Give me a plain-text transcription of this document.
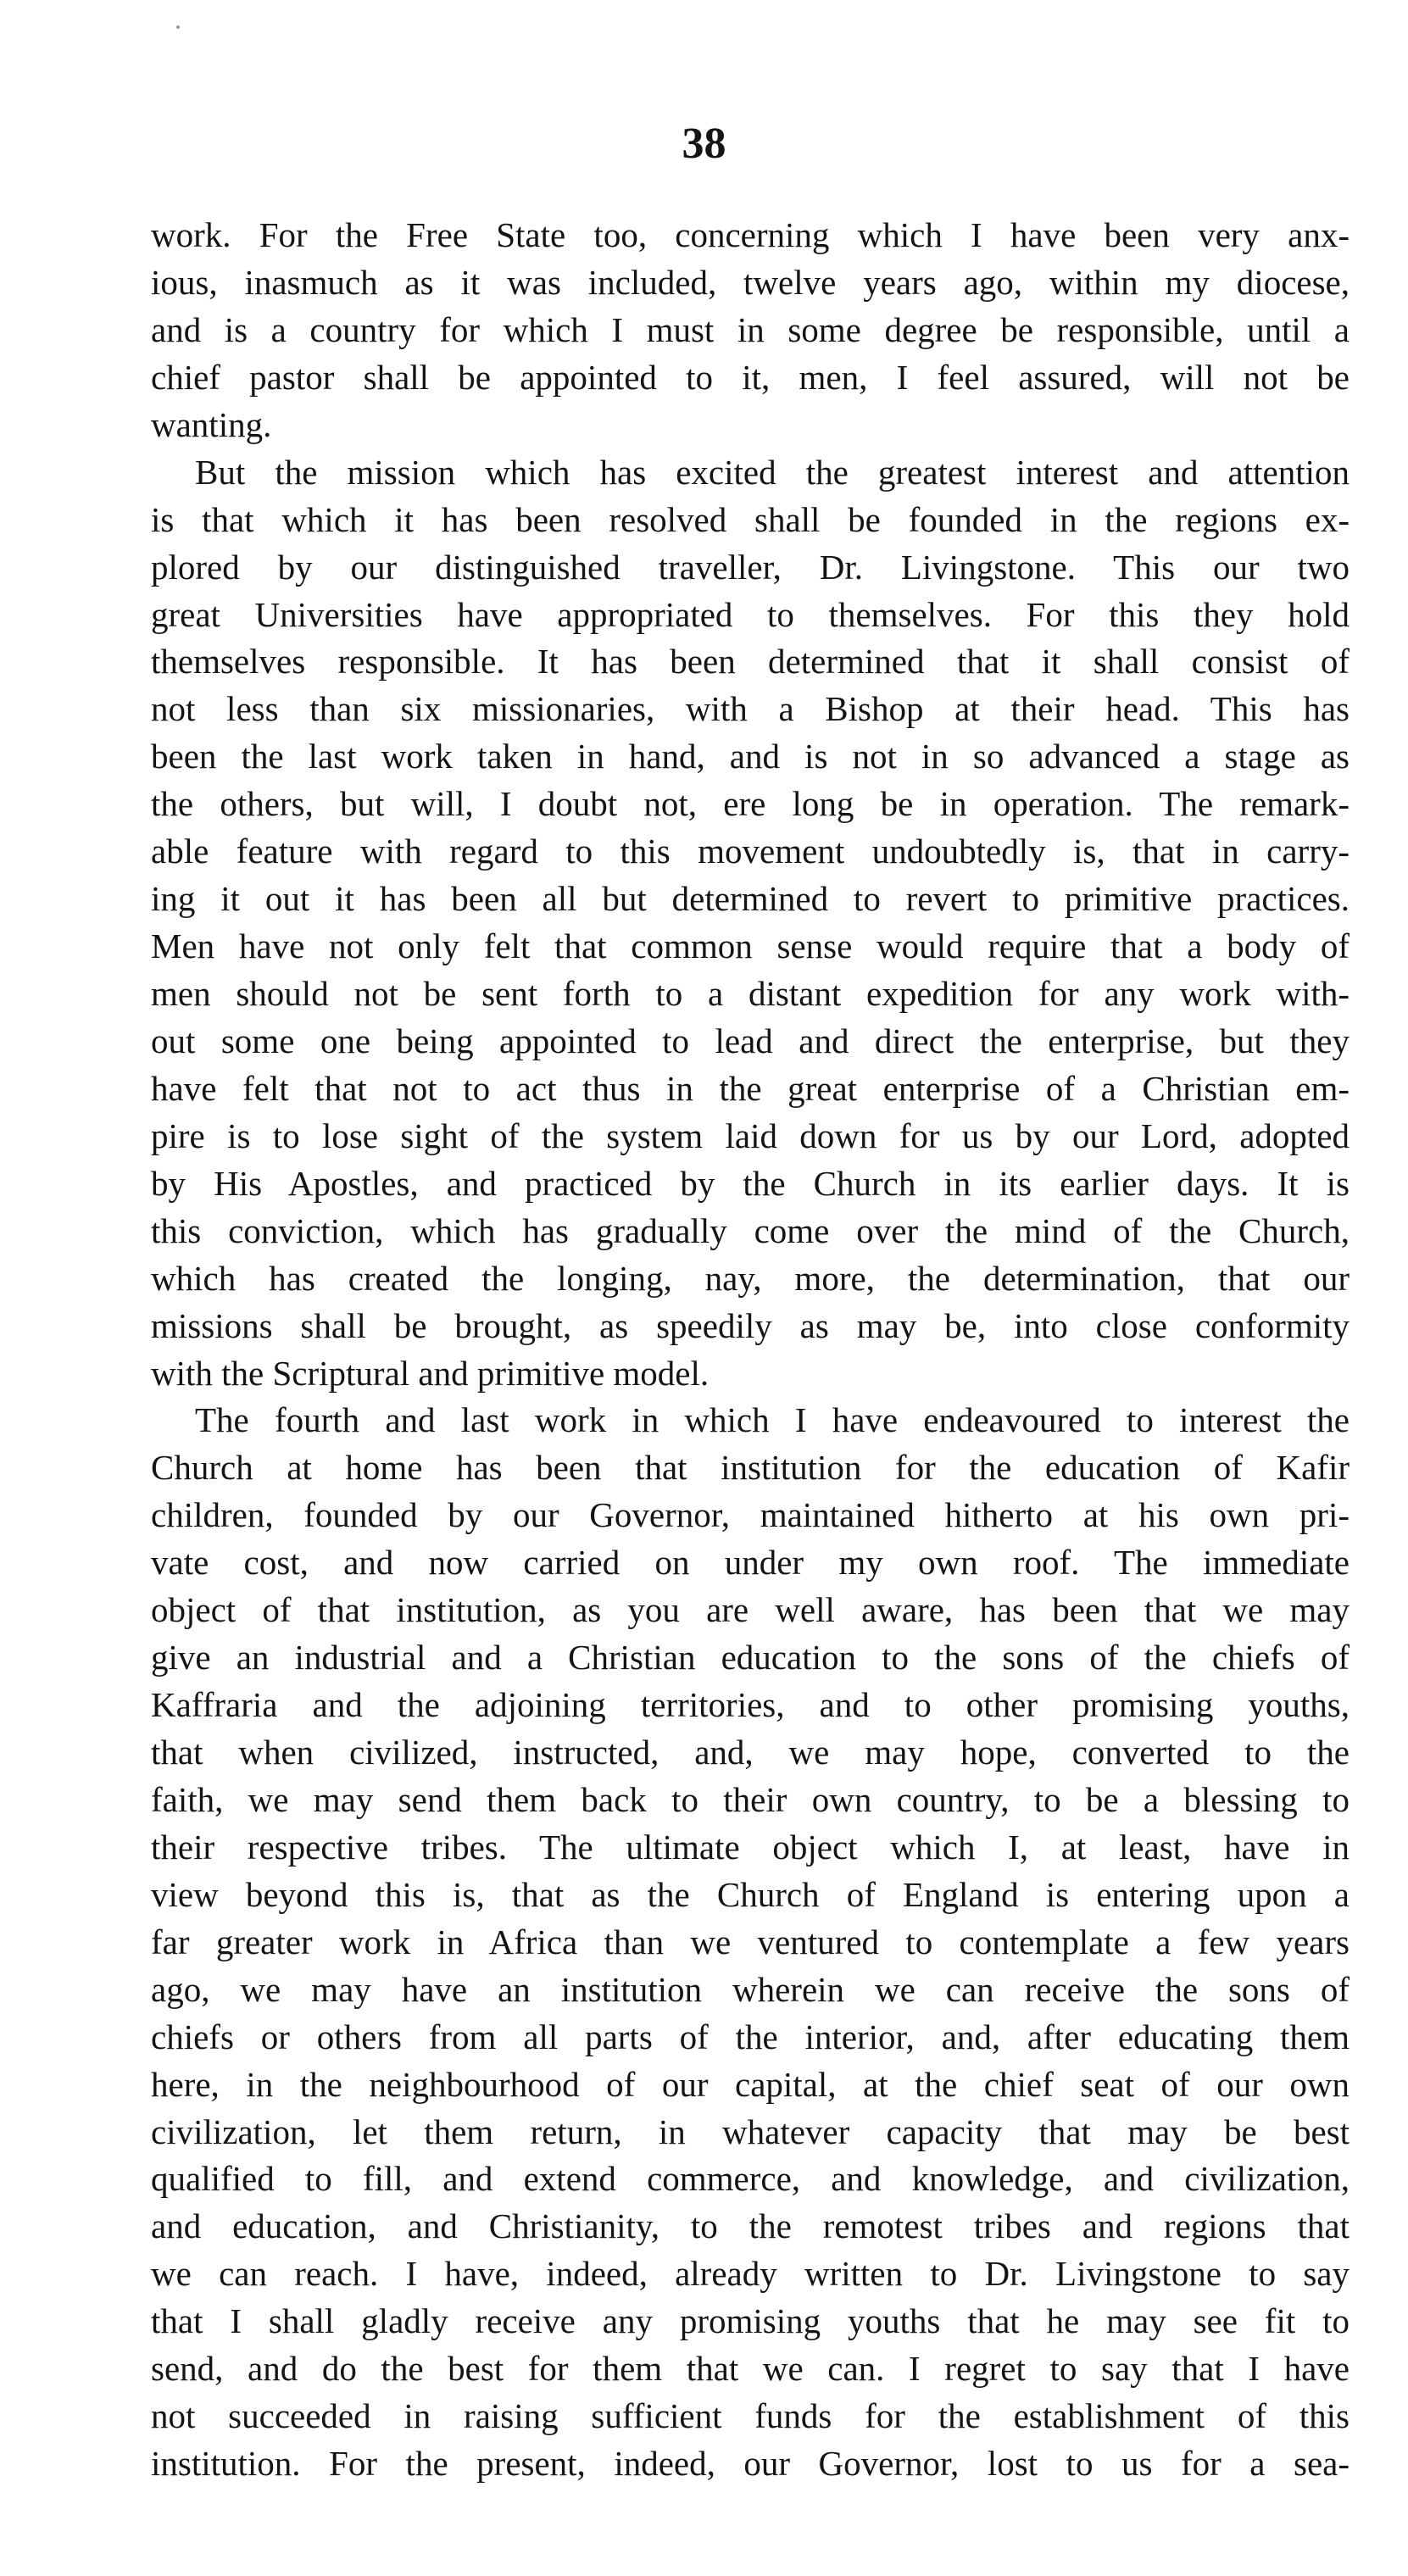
38
work. For the Free State too, concerning which I have been very anx-
ious, inasmuch as it was included, twelve years ago, within my diocese,
and is a country for which I must in some degree be responsible, until a
chief pastor shall be appointed to it, men, I feel assured, will not be
wanting.
But the mission which has excited the greatest interest and attention
is that which it has been resolved shall be founded in the regions ex-
plored by our distinguished traveller, Dr. Livingstone. This our two
great Universities have appropriated to themselves. For this they hold
themselves responsible. It has been determined that it shall consist of
not less than six missionaries, with a Bishop at their head. This has
been the last work taken in hand, and is not in so advanced a stage as
the others, but will, I doubt not, ere long be in operation. The remark-
able feature with regard to this movement undoubtedly is, that in carry-
ing it out it has been all but determined to revert to primitive practices.
Men have not only felt that common sense would require that a body of
men should not be sent forth to a distant expedition for any work with-
out some one being appointed to lead and direct the enterprise, but they
have felt that not to act thus in the great enterprise of a Christian em-
pire is to lose sight of the system laid down for us by our Lord, adopted
by His Apostles, and practiced by the Church in its earlier days. It is
this conviction, which has gradually come over the mind of the Church,
which has created the longing, nay, more, the determination, that our
missions shall be brought, as speedily as may be, into close conformity
with the Scriptural and primitive model.
The fourth and last work in which I have endeavoured to interest the
Church at home has been that institution for the education of Kafir
children, founded by our Governor, maintained hitherto at his own pri-
vate cost, and now carried on under my own roof. The immediate
object of that institution, as you are well aware, has been that we may
give an industrial and a Christian education to the sons of the chiefs of
Kaffraria and the adjoining territories, and to other promising youths,
that when civilized, instructed, and, we may hope, converted to the
faith, we may send them back to their own country, to be a blessing to
their respective tribes. The ultimate object which I, at least, have in
view beyond this is, that as the Church of England is entering upon a
far greater work in Africa than we ventured to contemplate a few years
ago, we may have an institution wherein we can receive the sons of
chiefs or others from all parts of the interior, and, after educating them
here, in the neighbourhood of our capital, at the chief seat of our own
civilization, let them return, in whatever capacity that may be best
qualified to fill, and extend commerce, and knowledge, and civilization,
and education, and Christianity, to the remotest tribes and regions that
we can reach. I have, indeed, already written to Dr. Livingstone to say
that I shall gladly receive any promising youths that he may see fit to
send, and do the best for them that we can. I regret to say that I have
not succeeded in raising sufficient funds for the establishment of this
institution. For the present, indeed, our Governor, lost to us for a sea-
